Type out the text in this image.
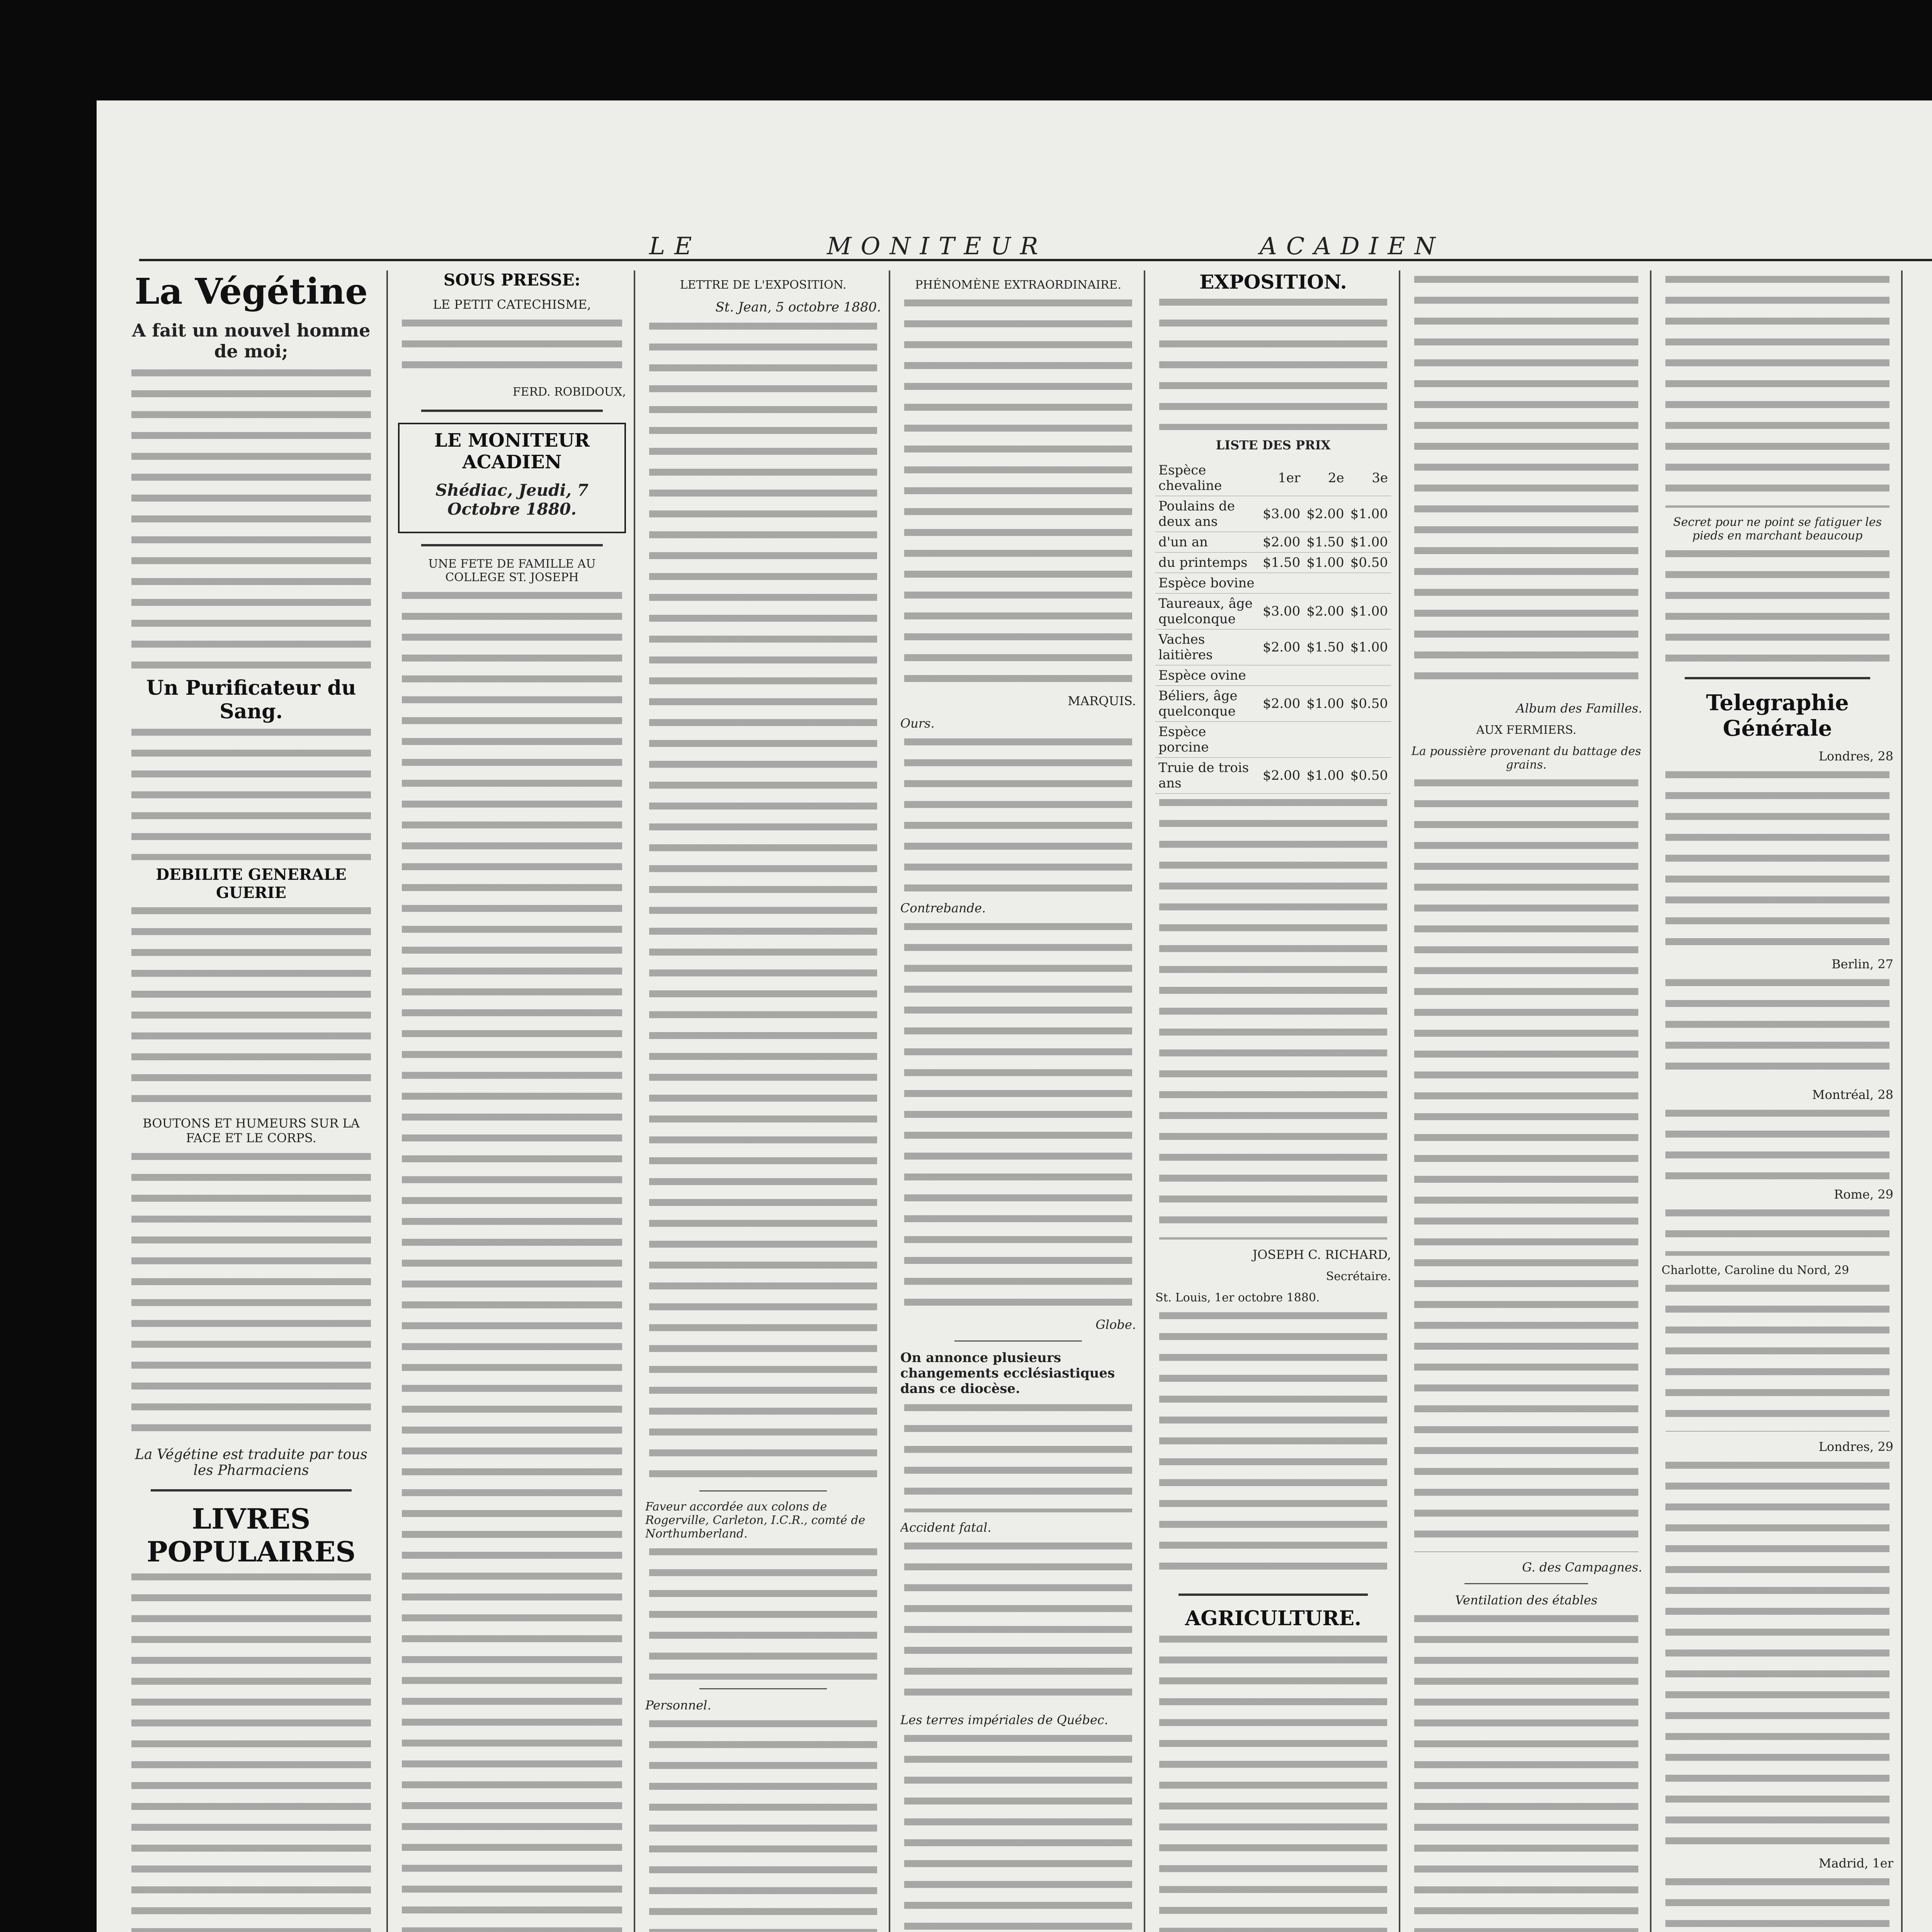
LE	MONITEUR	ACADIEN
La Végétine
A fait un nouvel homme de moi;
Un Purificateur du Sang.
DEBILITE GENERALE GUERIE
BOUTONS ET HUMEURS SUR LA FACE ET LE CORPS.
La Végétine est traduite par tous les Pharmaciens
LIVRES POPULAIRES
SOUS PRESSE:
LE PETIT CATECHISME,
FERD. ROBIDOUX,
LE MONITEUR ACADIEN
Shédiac, Jeudi, 7 Octobre 1880.
UNE FETE DE FAMILLE AU COLLEGE ST. JOSEPH
LETTRE DE L'EXPOSITION.
St. Jean, 5 octobre 1880.
Faveur accordée aux colons de Rogerville, Carleton, I.C.R., comté de Northumberland.
Personnel.
PHÉNOMÈNE EXTRAORDINAIRE.
MARQUIS.
Ours.
Contrebande.
Globe.
On annonce plusieurs changements ecclésiastiques dans ce diocèse.
Accident fatal.
Les terres impériales de Québec.
EXPOSITION.
LISTE DES PRIX
Espèce chevaline	1er	2e	3e
Poulains de deux ans	$3.00	$2.00	$1.00
d'un an	$2.00	$1.50	$1.00
du printemps	$1.50	$1.00	$0.50
Espèce bovine			
Taureaux, âge quelconque	$3.00	$2.00	$1.00
Vaches laitières	$2.00	$1.50	$1.00
Espèce ovine			
Béliers, âge quelconque	$2.00	$1.00	$0.50
Espèce porcine			
Truie de trois ans	$2.00	$1.00	$0.50
JOSEPH C. RICHARD,
Secrétaire.
St. Louis, 1er octobre 1880.
AGRICULTURE.
Album des Familles.
AUX FERMIERS.
La poussière provenant du battage des grains.
G. des Campagnes.
Ventilation des étables
Secret pour ne point se fatiguer les pieds en marchant beaucoup
Telegraphie Générale
Londres, 28
Berlin, 27
Montréal, 28
Rome, 29
Charlotte, Caroline du Nord, 29
Londres, 29
Madrid, 1er
